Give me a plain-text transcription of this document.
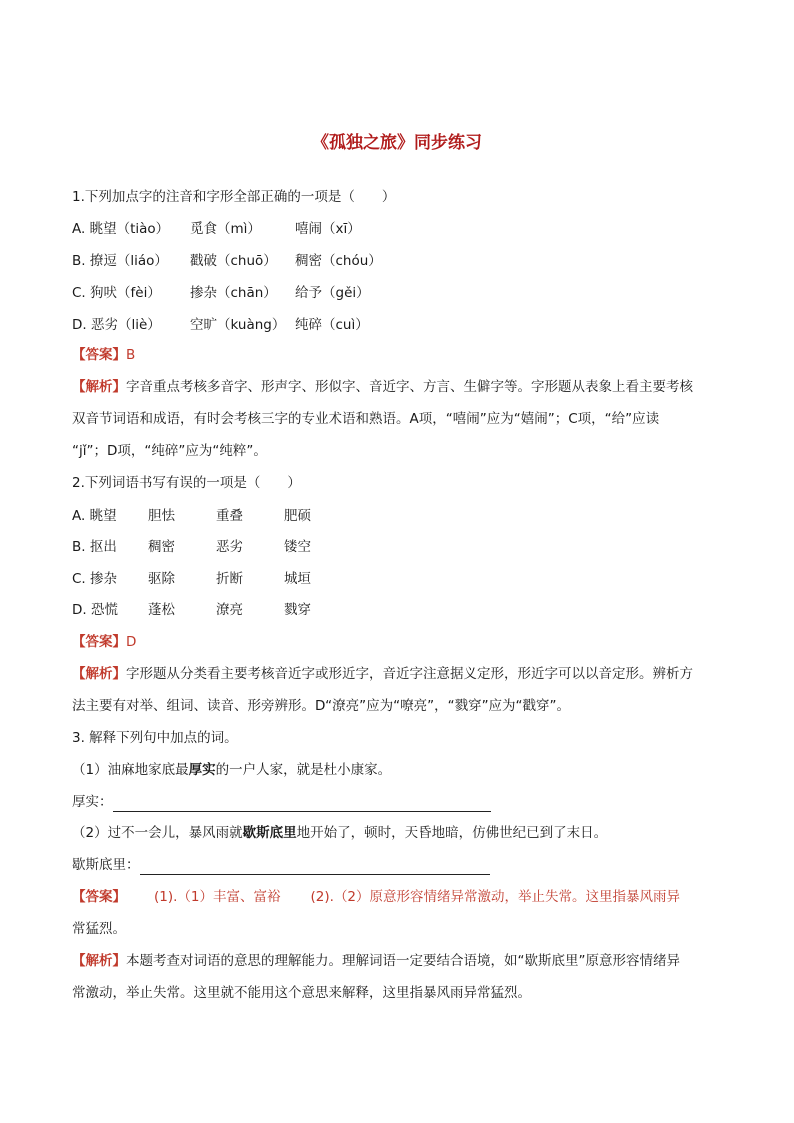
《孤独之旅》同步练习
1.下列加点字的注音和字形全部正确的一项是（　　）
A. 眺望（tiào） 觅食（mì）	嘻闹（xī）
B. 撩逗（liáo） 戳破（chuō） 稠密（chóu）
C. 狗吠（fèi） 掺杂（chān） 给予（gěi）
D. 恶劣（liè） 空旷（kuàng） 纯碎（cuì）
【答案】B
【解析】字音重点考核多音字、形声字、形似字、音近字、方言、生僻字等。字形题从表象上看主要考核
双音节词语和成语，有时会考核三字的专业术语和熟语。A项，“嘻闹”应为“嬉闹”；C项，“给”应读
“jǐ”；D项，“纯碎”应为“纯粹”。
2.下列词语书写有误的一项是（　　）
A. 眺望 胆怯	重叠	肥硕
B. 抠出 稠密	恶劣	镂空
C. 掺杂 驱除	折断	城垣
D. 恐慌 蓬松	潦亮	戮穿
【答案】D
【解析】字形题从分类看主要考核音近字或形近字，音近字注意据义定形，形近字可以以音定形。辨析方
法主要有对举、组词、读音、形旁辨形。D“潦亮”应为“嘹亮”，“戮穿”应为“戳穿”。
3. 解释下列句中加点的词。
（1）油麻地家底最厚实的一户人家，就是杜小康家。
厚实：
（2）过不一会儿，暴风雨就歇斯底里地开始了，顿时，天昏地暗，仿佛世纪已到了末日。
歇斯底里：
【答案】 (1).（1）丰富、富裕 (2).（2）原意形容情绪异常激动，举止失常。这里指暴风雨异
常猛烈。
【解析】本题考查对词语的意思的理解能力。理解词语一定要结合语境，如“歇斯底里”原意形容情绪异
常激动，举止失常。这里就不能用这个意思来解释，这里指暴风雨异常猛烈。
